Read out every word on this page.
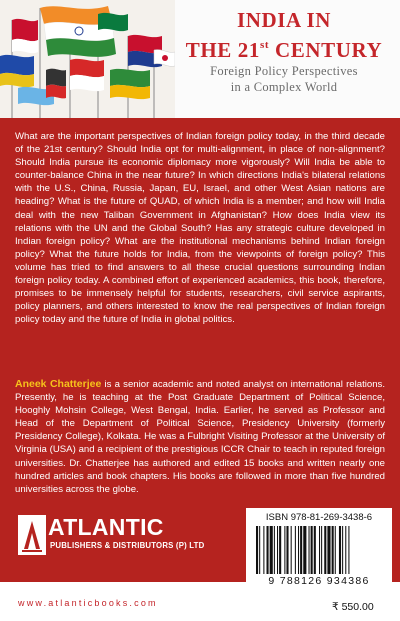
INDIA IN

THE 21st CENTURY

Foreign Policy Perspectives

in a Complex World

What are the important perspectives of Indian foreign policy today, in the third decade of the 21st century? Should India opt for multi-alignment, in place of non-alignment? Should India pursue its economic diplomacy more vigorously? Will India be able to counter-balance China in the near future? In which directions India's bilateral relations with the U.S., China, Russia, Japan, EU, Israel, and other West Asian nations are heading? What is the future of QUAD, of which India is a member; and how will India deal with the new Taliban Government in Afghanistan? How does India view its relations with the UN and the Global South? Has any strategic culture developed in Indian foreign policy? What are the institutional mechanisms behind Indian foreign policy? What the future holds for India, from the viewpoints of foreign policy? This volume has tried to find answers to all these crucial questions surrounding Indian foreign policy today. A combined effort of experienced academics, this book, therefore, promises to be immensely helpful for students, researchers, civil service aspirants, policy planners, and others interested to know the real perspectives of Indian foreign policy today and the future of India in global politics.

Aneek Chatterjee is a senior academic and noted analyst on international relations. Presently, he is teaching at the Post Graduate Department of Political Science, Hooghly Mohsin College, West Bengal, India. Earlier, he served as Professor and Head of the Department of Political Science, Presidency University (formerly Presidency College), Kolkata. He was a Fulbright Visiting Professor at the University of Virginia (USA) and a recipient of the prestigious ICCR Chair to teach in reputed foreign universities. Dr. Chatterjee has authored and edited 15 books and written nearly one hundred articles and book chapters. His books are followed in more than five hundred universities across the globe.

ATLANTIC
PUBLISHERS & DISTRIBUTORS (P) LTD
www.atlanticbooks.com
ISBN 978-81-269-3438-6
9 788126 934386
₹ 550.00
